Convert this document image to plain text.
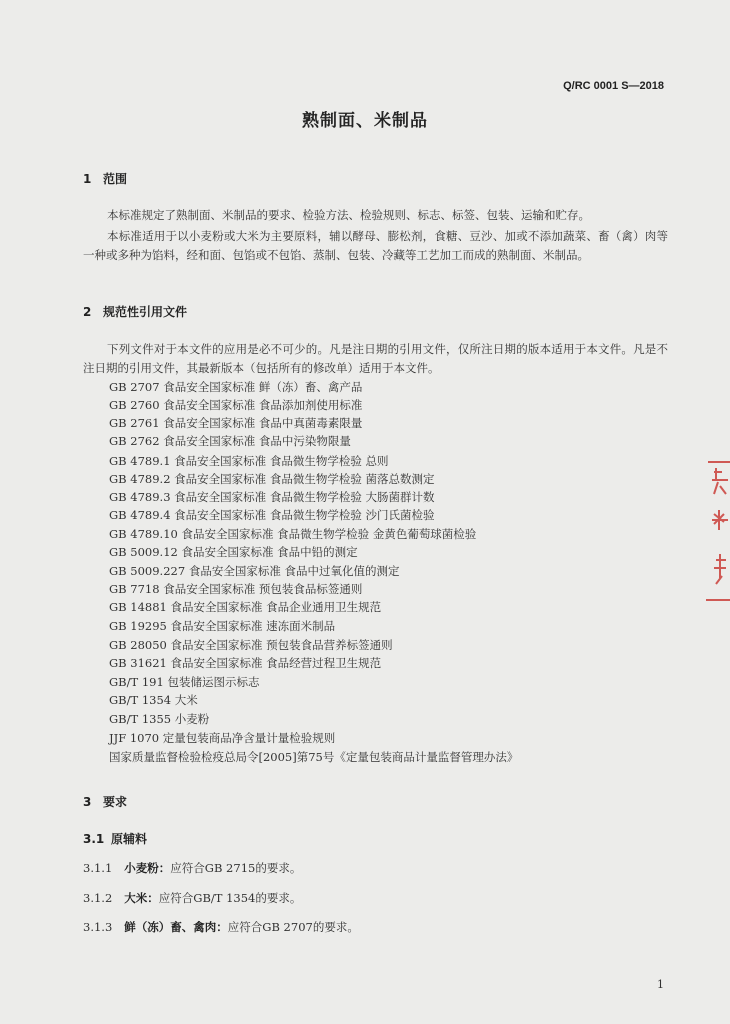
Q/RC 0001 S—2018
熟制面、米制品
1 范围
本标准规定了熟制面、米制品的要求、检验方法、检验规则、标志、标签、包装、运输和贮存。
本标准适用于以小麦粉或大米为主要原料，辅以酵母、膨松剂，食糖、豆沙、加或不添加蔬菜、畜（禽）肉等一种或多种为馅料，经和面、包馅或不包馅、蒸制、包装、冷藏等工艺加工而成的熟制面、米制品。
2 规范性引用文件
下列文件对于本文件的应用是必不可少的。凡是注日期的引用文件，仅所注日期的版本适用于本文件。凡是不注日期的引用文件，其最新版本（包括所有的修改单）适用于本文件。
GB 2707 食品安全国家标准 鲜（冻）畜、禽产品
GB 2760 食品安全国家标准 食品添加剂使用标准
GB 2761 食品安全国家标准 食品中真菌毒素限量
GB 2762 食品安全国家标准 食品中污染物限量
GB 4789.1 食品安全国家标准 食品微生物学检验 总则
GB 4789.2 食品安全国家标准 食品微生物学检验 菌落总数测定
GB 4789.3 食品安全国家标准 食品微生物学检验 大肠菌群计数
GB 4789.4 食品安全国家标准 食品微生物学检验 沙门氏菌检验
GB 4789.10 食品安全国家标准 食品微生物学检验 金黄色葡萄球菌检验
GB 5009.12 食品安全国家标准 食品中铅的测定
GB 5009.227 食品安全国家标准 食品中过氧化值的测定
GB 7718 食品安全国家标准 预包装食品标签通则
GB 14881 食品安全国家标准 食品企业通用卫生规范
GB 19295 食品安全国家标准 速冻面米制品
GB 28050 食品安全国家标准 预包装食品营养标签通则
GB 31621 食品安全国家标准 食品经营过程卫生规范
GB/T 191 包装储运图示标志
GB/T 1354 大米
GB/T 1355 小麦粉
JJF 1070 定量包装商品净含量计量检验规则
国家质量监督检验检疫总局令[2005]第75号《定量包装商品计量监督管理办法》
3 要求
3.1 原辅料
3.1.1 小麦粉：应符合GB 2715的要求。
3.1.2 大米：应符合GB/T 1354的要求。
3.1.3 鲜（冻）畜、禽肉：应符合GB 2707的要求。
1
